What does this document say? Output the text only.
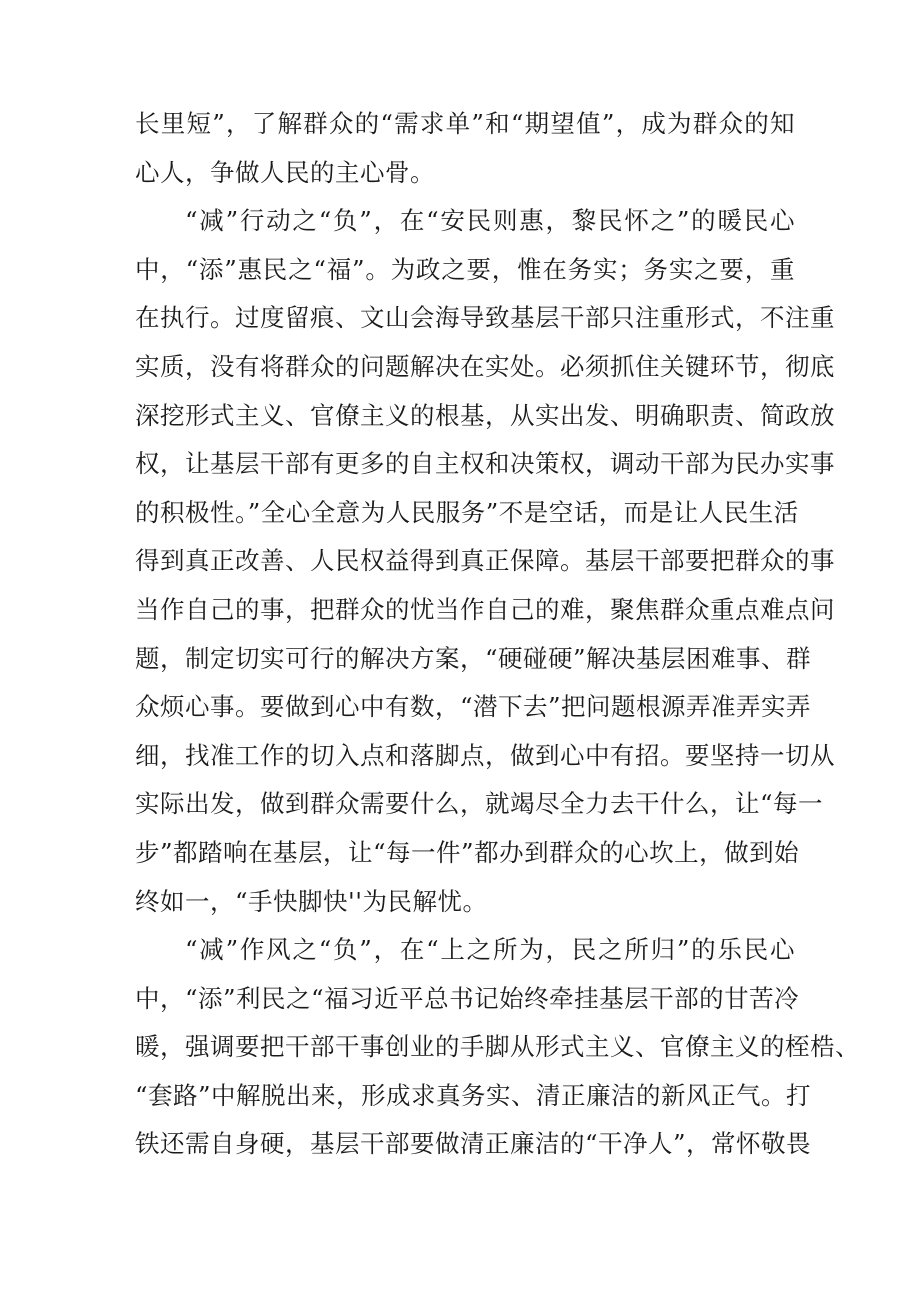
长里短”，了解群众的“需求单”和“期望值”，成为群众的知
心人，争做人民的主心骨。
“减”行动之“负”，在“安民则惠，黎民怀之”的暖民心
中，“添”惠民之“福”。为政之要，惟在务实；务实之要，重
在执行。过度留痕、文山会海导致基层干部只注重形式，不注重
实质，没有将群众的问题解决在实处。必须抓住关键环节，彻底
深挖形式主义、官僚主义的根基，从实出发、明确职责、简政放
权，让基层干部有更多的自主权和决策权，调动干部为民办实事
的积极性。”全心全意为人民服务”不是空话，而是让人民生活
得到真正改善、人民权益得到真正保障。基层干部要把群众的事
当作自己的事，把群众的忧当作自己的难，聚焦群众重点难点问
题，制定切实可行的解决方案，“硬碰硬”解决基层困难事、群
众烦心事。要做到心中有数，“潜下去”把问题根源弄准弄实弄
细，找准工作的切入点和落脚点，做到心中有招。要坚持一切从
实际出发，做到群众需要什么，就竭尽全力去干什么，让“每一
步”都踏响在基层，让“每一件”都办到群众的心坎上，做到始
终如一，“手快脚快''为民解忧。
“减”作风之“负”，在“上之所为，民之所归”的乐民心
中，“添”利民之“福习近平总书记始终牵挂基层干部的甘苦冷
暖，强调要把干部干事创业的手脚从形式主义、官僚主义的桎梏、
“套路”中解脱出来，形成求真务实、清正廉洁的新风正气。打
铁还需自身硬，基层干部要做清正廉洁的“干净人”，常怀敬畏
